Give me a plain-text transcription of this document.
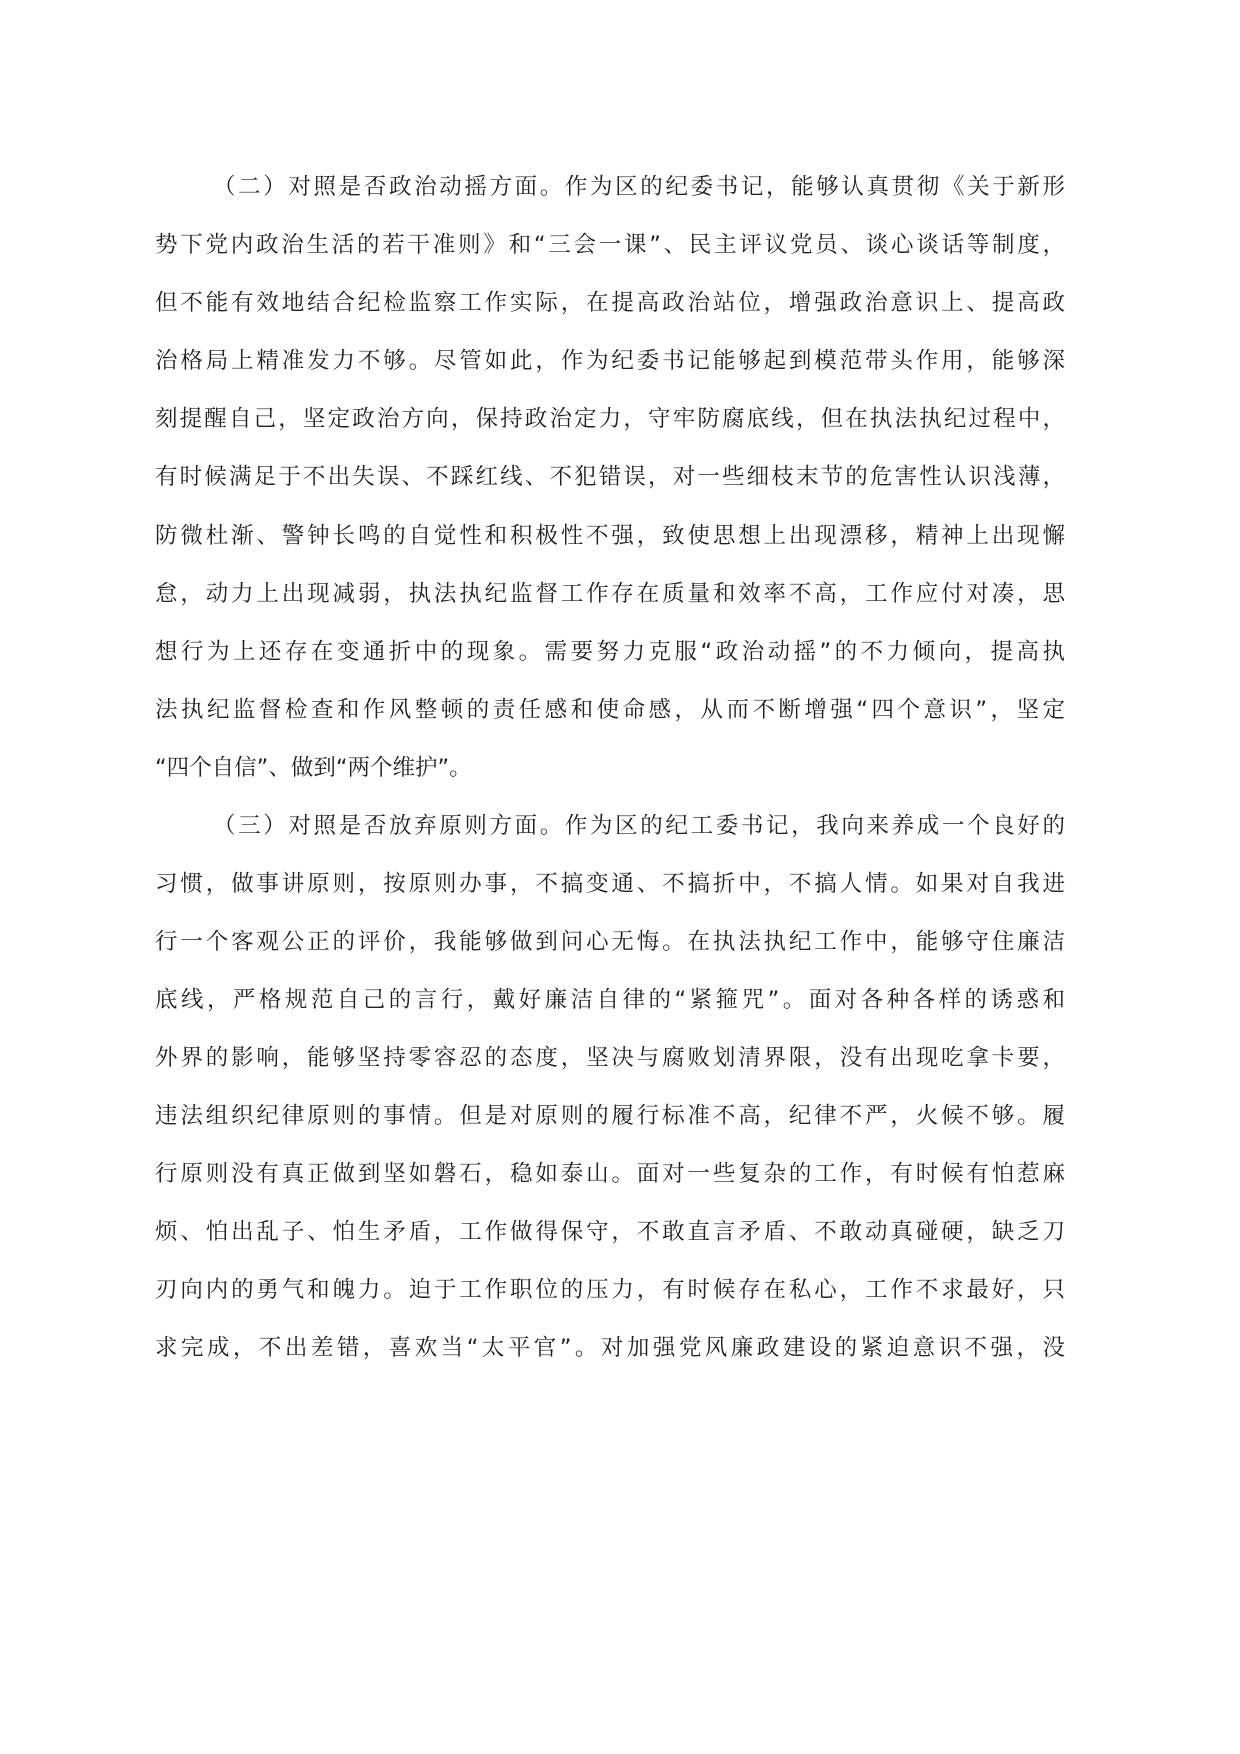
（二）对照是否政治动摇方面。作为区的纪委书记，能够认真贯彻《关于新形
势下党内政治生活的若干准则》和“三会一课”、民主评议党员、谈心谈话等制度，
但不能有效地结合纪检监察工作实际，在提高政治站位，增强政治意识上、提高政
治格局上精准发力不够。尽管如此，作为纪委书记能够起到模范带头作用，能够深
刻提醒自己，坚定政治方向，保持政治定力，守牢防腐底线，但在执法执纪过程中，
有时候满足于不出失误、不踩红线、不犯错误，对一些细枝末节的危害性认识浅薄，
防微杜渐、警钟长鸣的自觉性和积极性不强，致使思想上出现漂移，精神上出现懈
怠，动力上出现减弱，执法执纪监督工作存在质量和效率不高，工作应付对凑，思
想行为上还存在变通折中的现象。需要努力克服“政治动摇”的不力倾向，提高执
法执纪监督检查和作风整顿的责任感和使命感，从而不断增强“四个意识”，坚定
“四个自信”、做到“两个维护”。
（三）对照是否放弃原则方面。作为区的纪工委书记，我向来养成一个良好的
习惯，做事讲原则，按原则办事，不搞变通、不搞折中，不搞人情。如果对自我进
行一个客观公正的评价，我能够做到问心无悔。在执法执纪工作中，能够守住廉洁
底线，严格规范自己的言行，戴好廉洁自律的“紧箍咒”。面对各种各样的诱惑和
外界的影响，能够坚持零容忍的态度，坚决与腐败划清界限，没有出现吃拿卡要，
违法组织纪律原则的事情。但是对原则的履行标准不高，纪律不严，火候不够。履
行原则没有真正做到坚如磐石，稳如泰山。面对一些复杂的工作，有时候有怕惹麻
烦、怕出乱子、怕生矛盾，工作做得保守，不敢直言矛盾、不敢动真碰硬，缺乏刀
刃向内的勇气和魄力。迫于工作职位的压力，有时候存在私心，工作不求最好，只
求完成，不出差错，喜欢当“太平官”。对加强党风廉政建设的紧迫意识不强，没
